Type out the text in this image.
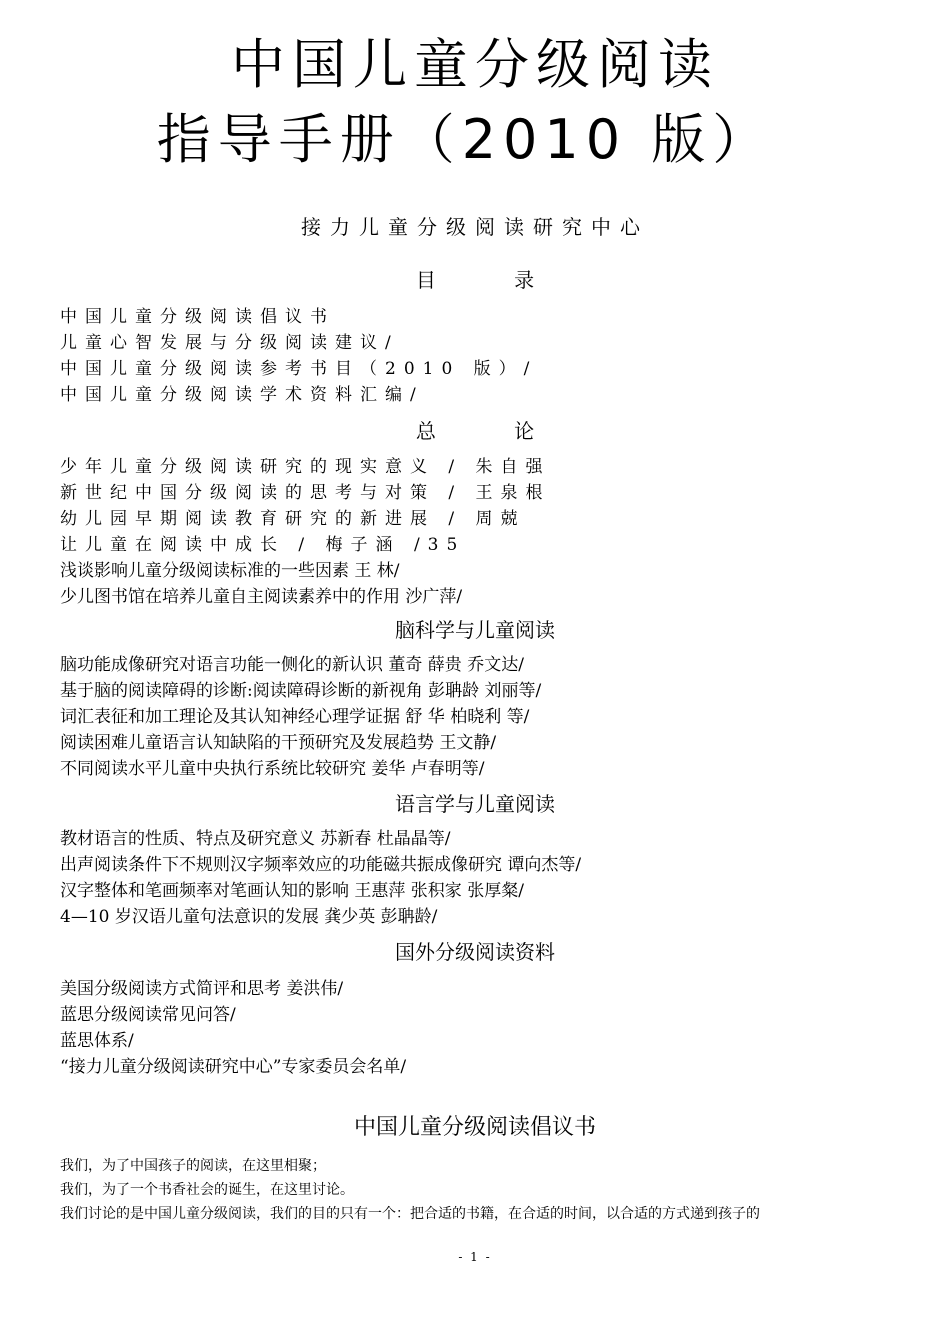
中国儿童分级阅读
指导手册（2010 版）
接力儿童分级阅读研究中心
目 录
中国儿童分级阅读倡议书
儿童心智发展与分级阅读建议/
中国儿童分级阅读参考书目（2010 版）/
中国儿童分级阅读学术资料汇编/
总 论
少年儿童分级阅读研究的现实意义 / 朱自强
新世纪中国分级阅读的思考与对策 / 王泉根
幼儿园早期阅读教育研究的新进展 / 周兢
让儿童在阅读中成长 / 梅子涵 /35
浅谈影响儿童分级阅读标准的一些因素 王 林/
少儿图书馆在培养儿童自主阅读素养中的作用 沙广萍/
脑科学与儿童阅读
脑功能成像研究对语言功能一侧化的新认识 董奇 薛贵 乔文达/
基于脑的阅读障碍的诊断:阅读障碍诊断的新视角 彭聃龄 刘丽等/
词汇表征和加工理论及其认知神经心理学证据 舒 华 柏晓利 等/
阅读困难儿童语言认知缺陷的干预研究及发展趋势 王文静/
不同阅读水平儿童中央执行系统比较研究 姜华 卢春明等/
语言学与儿童阅读
教材语言的性质、特点及研究意义 苏新春 杜晶晶等/
出声阅读条件下不规则汉字频率效应的功能磁共振成像研究 谭向杰等/
汉字整体和笔画频率对笔画认知的影响 王惠萍 张积家 张厚粲/
4—10 岁汉语儿童句法意识的发展 龚少英 彭聃龄/
国外分级阅读资料
美国分级阅读方式简评和思考 姜洪伟/
蓝思分级阅读常见问答/
蓝思体系/
“接力儿童分级阅读研究中心”专家委员会名单/
中国儿童分级阅读倡议书
我们，为了中国孩子的阅读，在这里相聚；
我们，为了一个书香社会的诞生，在这里讨论。
我们讨论的是中国儿童分级阅读，我们的目的只有一个：把合适的书籍，在合适的时间，以合适的方式递到孩子的
- 1 -
